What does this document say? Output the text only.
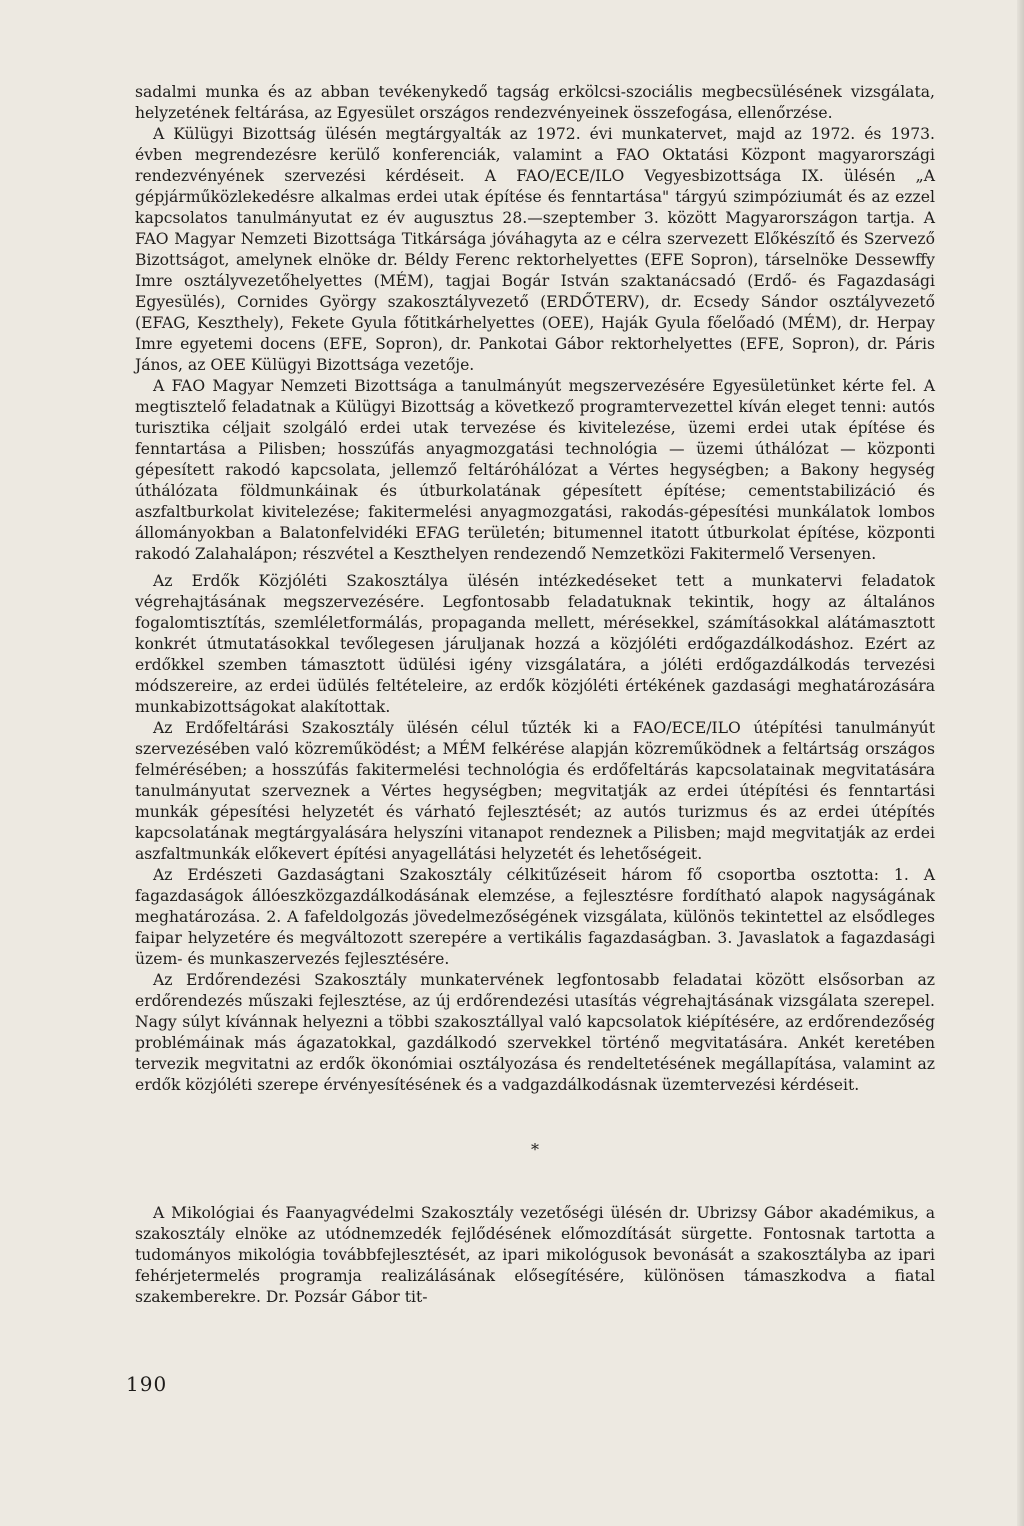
sadalmi munka és az abban tevékenykedő tagság erkölcsi-szociális megbecsülésének vizsgálata, helyzetének feltárása, az Egyesület országos rendezvényeinek összefogása, ellenőrzése.

A Külügyi Bizottság ülésén megtárgyalták az 1972. évi munkatervet, majd az 1972. és 1973. évben megrendezésre kerülő konferenciák, valamint a FAO Oktatási Központ magyarországi rendezvényének szervezési kérdéseit. A FAO/ECE/ILO Vegyesbizottsága IX. ülésén „A gépjárműközlekedésre alkalmas erdei utak építése és fenntartása" tárgyú szimpóziumát és az ezzel kapcsolatos tanulmányutat ez év augusztus 28.—szeptember 3. között Magyarországon tartja. A FAO Magyar Nemzeti Bizottsága Titkársága jóváhagyta az e célra szervezett Előkészítő és Szervező Bizottságot, amelynek elnöke dr. Béldy Ferenc rektorhelyettes (EFE Sopron), társelnöke Dessewffy Imre osztályvezetőhelyettes (MÉM), tagjai Bogár István szaktanácsadó (Erdő- és Fagazdasági Egyesülés), Cornides György szakosztályvezető (ERDŐTERV), dr. Ecsedy Sándor osztályvezető (EFAG, Keszthely), Fekete Gyula főtitkárhelyettes (OEE), Haják Gyula főelőadó (MÉM), dr. Herpay Imre egyetemi docens (EFE, Sopron), dr. Pankotai Gábor rektorhelyettes (EFE, Sopron), dr. Páris János, az OEE Külügyi Bizottsága vezetője.

A FAO Magyar Nemzeti Bizottsága a tanulmányút megszervezésére Egyesületünket kérte fel. A megtisztelő feladatnak a Külügyi Bizottság a következő programtervezettel kíván eleget tenni: autós turisztika céljait szolgáló erdei utak tervezése és kivitelezése, üzemi erdei utak építése és fenntartása a Pilisben; hosszúfás anyagmozgatási technológia — üzemi úthálózat — központi gépesített rakodó kapcsolata, jellemző feltáróhálózat a Vértes hegységben; a Bakony hegység úthálózata földmunkáinak és útburkolatának gépesített építése; cementstabilizáció és aszfaltburkolat kivitelezése; fakitermelési anyagmozgatási, rakodás-gépesítési munkálatok lombos állományokban a Balatonfelvidéki EFAG területén; bitumennel itatott útburkolat építése, központi rakodó Zalahalápon; részvétel a Keszthelyen rendezendő Nemzetközi Fakitermelő Versenyen.

Az Erdők Közjóléti Szakosztálya ülésén intézkedéseket tett a munkatervi feladatok végrehajtásának megszervezésére. Legfontosabb feladatuknak tekintik, hogy az általános fogalomtisztítás, szemléletformálás, propaganda mellett, mérésekkel, számításokkal alátámasztott konkrét útmutatásokkal tevőlegesen járuljanak hozzá a közjóléti erdőgazdálkodáshoz. Ezért az erdőkkel szemben támasztott üdülési igény vizsgálatára, a jóléti erdőgazdálkodás tervezési módszereire, az erdei üdülés feltételeire, az erdők közjóléti értékének gazdasági meghatározására munkabizottságokat alakítottak.

Az Erdőfeltárási Szakosztály ülésén célul tűzték ki a FAO/ECE/ILO útépítési tanulmányút szervezésében való közreműködést; a MÉM felkérése alapján közreműködnek a feltártság országos felmérésében; a hosszúfás fakitermelési technológia és erdőfeltárás kapcsolatainak megvitatására tanulmányutat szerveznek a Vértes hegységben; megvitatják az erdei útépítési és fenntartási munkák gépesítési helyzetét és várható fejlesztését; az autós turizmus és az erdei útépítés kapcsolatának megtárgyalására helyszíni vitanapot rendeznek a Pilisben; majd megvitatják az erdei aszfaltmunkák előkevert építési anyagellátási helyzetét és lehetőségeit.

Az Erdészeti Gazdaságtani Szakosztály célkitűzéseit három fő csoportba osztotta: 1. A fagazdaságok állóeszközgazdálkodásának elemzése, a fejlesztésre fordítható alapok nagyságának meghatározása. 2. A fafeldolgozás jövedelmezőségének vizsgálata, különös tekintettel az elsődleges faipar helyzetére és megváltozott szerepére a vertikális fagazdaságban. 3. Javaslatok a fagazdasági üzem- és munkaszervezés fejlesztésére.

Az Erdőrendezési Szakosztály munkatervének legfontosabb feladatai között elsősorban az erdőrendezés műszaki fejlesztése, az új erdőrendezési utasítás végrehajtásának vizsgálata szerepel. Nagy súlyt kívánnak helyezni a többi szakosztállyal való kapcsolatok kiépítésére, az erdőrendezőség problémáinak más ágazatokkal, gazdálkodó szervekkel történő megvitatására. Ankét keretében tervezik megvitatni az erdők ökonómiai osztályozása és rendeltetésének megállapítása, valamint az erdők közjóléti szerepe érvényesítésének és a vadgazdálkodásnak üzemtervezési kérdéseit.

*

A Mikológiai és Faanyagvédelmi Szakosztály vezetőségi ülésén dr. Ubrizsy Gábor akadémikus, a szakosztály elnöke az utódnemzedék fejlődésének előmozdítását sürgette. Fontosnak tartotta a tudományos mikológia továbbfejlesztését, az ipari mikológusok bevonását a szakosztályba az ipari fehérjetermelés programja realizálásának elősegítésére, különösen támaszkodva a fiatal szakemberekre. Dr. Pozsár Gábor tit-

190
